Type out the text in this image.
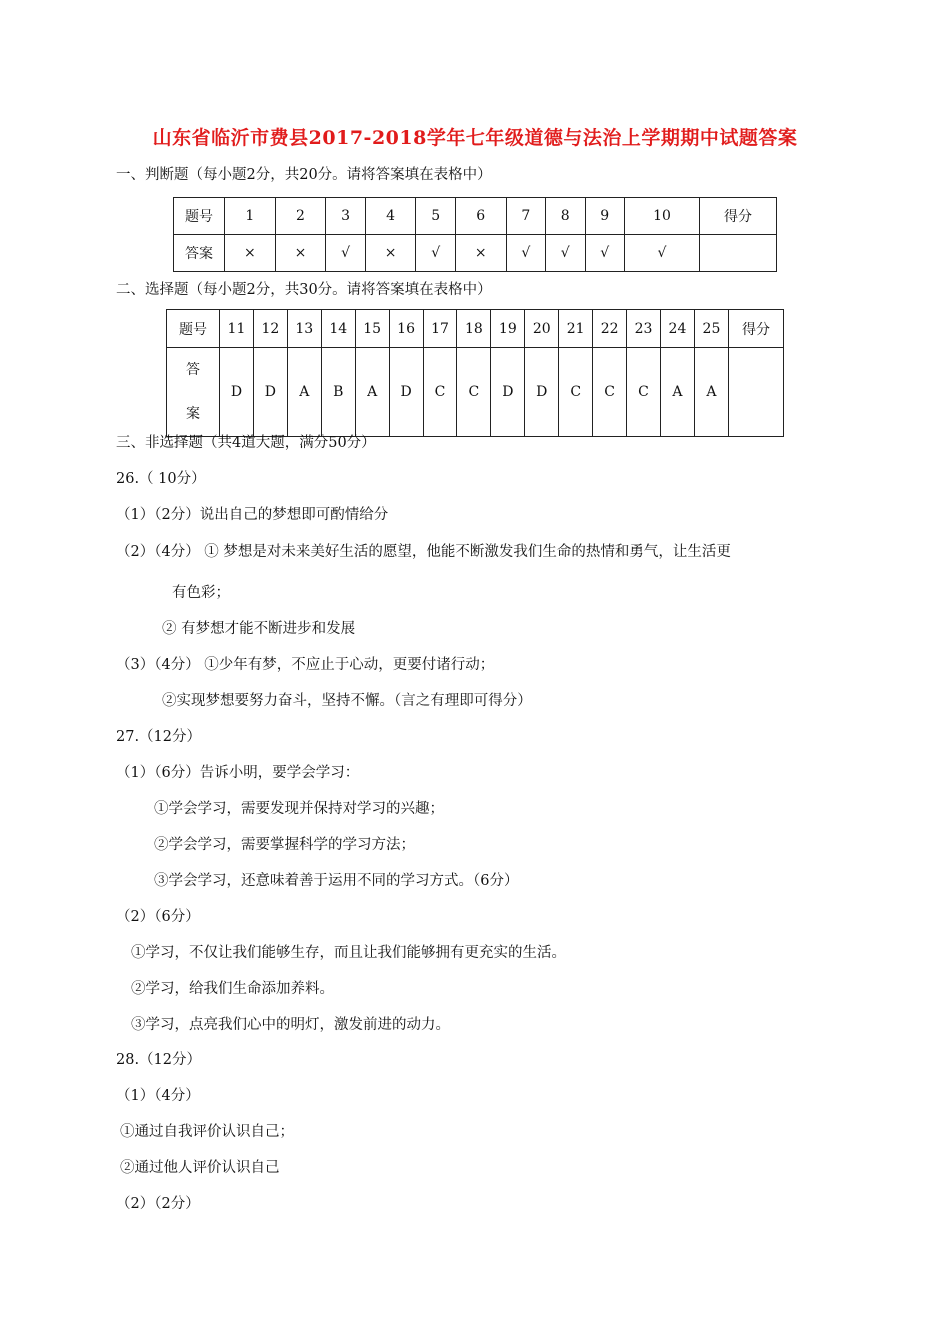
山东省临沂市费县2017-2018学年七年级道德与法治上学期期中试题答案
一、判断题（每小题2分，共20分。请将答案填在表格中）
题号	1	2	3	4	5	6	7	8	9	10	得分
答案	×	×	√	×	√	×	√	√	√	√	
二、选择题（每小题2分，共30分。请将答案填在表格中）
题号	11	12	13	14	15	16	17	18	19	20	21	22	23	24	25	得分

答
案	D	D	A	B	A	D	C	C	D	D	C	C	C	A	A	
三、非选择题（共4道大题，满分50分）
26.（ 10分）
（1）（2分）说出自己的梦想即可酌情给分
（2）（4分） ① 梦想是对未来美好生活的愿望，他能不断激发我们生命的热情和勇气，让生活更
有色彩；
② 有梦想才能不断进步和发展
（3）（4分） ①少年有梦，不应止于心动，更要付诸行动；
②实现梦想要努力奋斗，坚持不懈。（言之有理即可得分）
27.（12分）
（1）（6分）告诉小明，要学会学习：
①学会学习，需要发现并保持对学习的兴趣；
②学会学习，需要掌握科学的学习方法；
③学会学习，还意味着善于运用不同的学习方式。（6分）
（2）（6分）
①学习，不仅让我们能够生存，而且让我们能够拥有更充实的生活。
②学习，给我们生命添加养料。
③学习，点亮我们心中的明灯，激发前进的动力。
28.（12分）
（1）（4分）
①通过自我评价认识自己；
②通过他人评价认识自己
（2）（2分）
